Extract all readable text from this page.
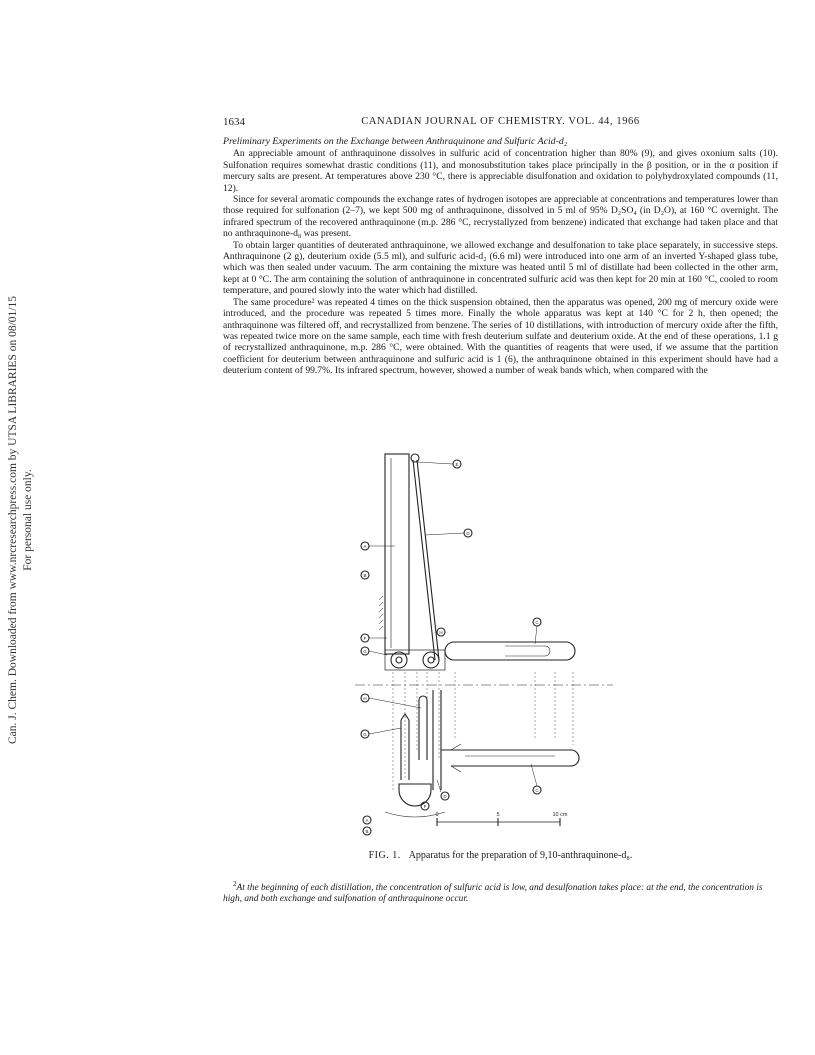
Can. J. Chem. Downloaded from www.nrcresearchpress.com by UTSA LIBRARIES on 08/01/15 For personal use only.
1634	CANADIAN JOURNAL OF CHEMISTRY. VOL. 44, 1966
Preliminary Experiments on the Exchange between Anthraquinone and Sulfuric Acid-d₂

An appreciable amount of anthraquinone dissolves in sulfuric acid of concentration higher than 80% (9), and gives oxonium salts (10). Sulfonation requires somewhat drastic conditions (11), and monosubstitution takes place principally in the β position, or in the α position if mercury salts are present. At temperatures above 230 °C, there is appreciable disulfonation and oxidation to polyhydroxylated compounds (11, 12).

Since for several aromatic compounds the exchange rates of hydrogen isotopes are appreciable at concentrations and temperatures lower than those required for sulfonation (2–7), we kept 500 mg of anthraquinone, dissolved in 5 ml of 95% D₂SO₄ (in D₂O), at 160 °C overnight. The infrared spectrum of the recovered anthraquinone (m.p. 286 °C, recrystallyzed from benzene) indicated that exchange had taken place and that no anthraquinone-d₈ was present.

To obtain larger quantities of deuterated anthraquinone, we allowed exchange and desulfonation to take place separately, in successive steps. Anthraquinone (2 g), deuterium oxide (5.5 ml), and sulfuric acid-d₂ (6.6 ml) were introduced into one arm of an inverted Y-shaped glass tube, which was then sealed under vacuum. The arm containing the mixture was heated until 5 ml of distillate had been collected in the other arm, kept at 0 °C. The arm containing the solution of anthraquinone in concentrated sulfuric acid was then kept for 20 min at 160 °C, cooled to room temperature, and poured slowly into the water which had distilled.

The same procedure² was repeated 4 times on the thick suspension obtained, then the apparatus was opened, 200 mg of mercury oxide were introduced, and the procedure was repeated 5 times more. Finally the whole apparatus was kept at 140 °C for 2 h, then opened; the anthraquinone was filtered off, and recrystallized from benzene. The series of 10 distillations, with introduction of mercury oxide after the fifth, was repeated twice more on the same sample, each time with fresh deuterium sulfate and deuterium oxide. At the end of these operations, 1.1 g of recrystallized anthraquinone, m.p. 286 °C, were obtained. With the quantities of reagents that were used, if we assume that the partition coefficient for deuterium between anthraquinone and sulfuric acid is 1 (6), the anthraquinone obtained in this experiment should have had a deuterium content of 99.7%. Its infrared spectrum, however, showed a number of weak bands which, when compared with the

E
D
A
B
F
G
H
C
H
G
C
D
F
A
B
0	5	10 cm
FIG. 1. Apparatus for the preparation of 9,10-anthraquinone-d₈.
$^2$At the beginning of each distillation, the concentration of sulfuric acid is low, and desulfonation takes place: at the end, the concentration is high, and both exchange and sulfonation of anthraquinone occur.
